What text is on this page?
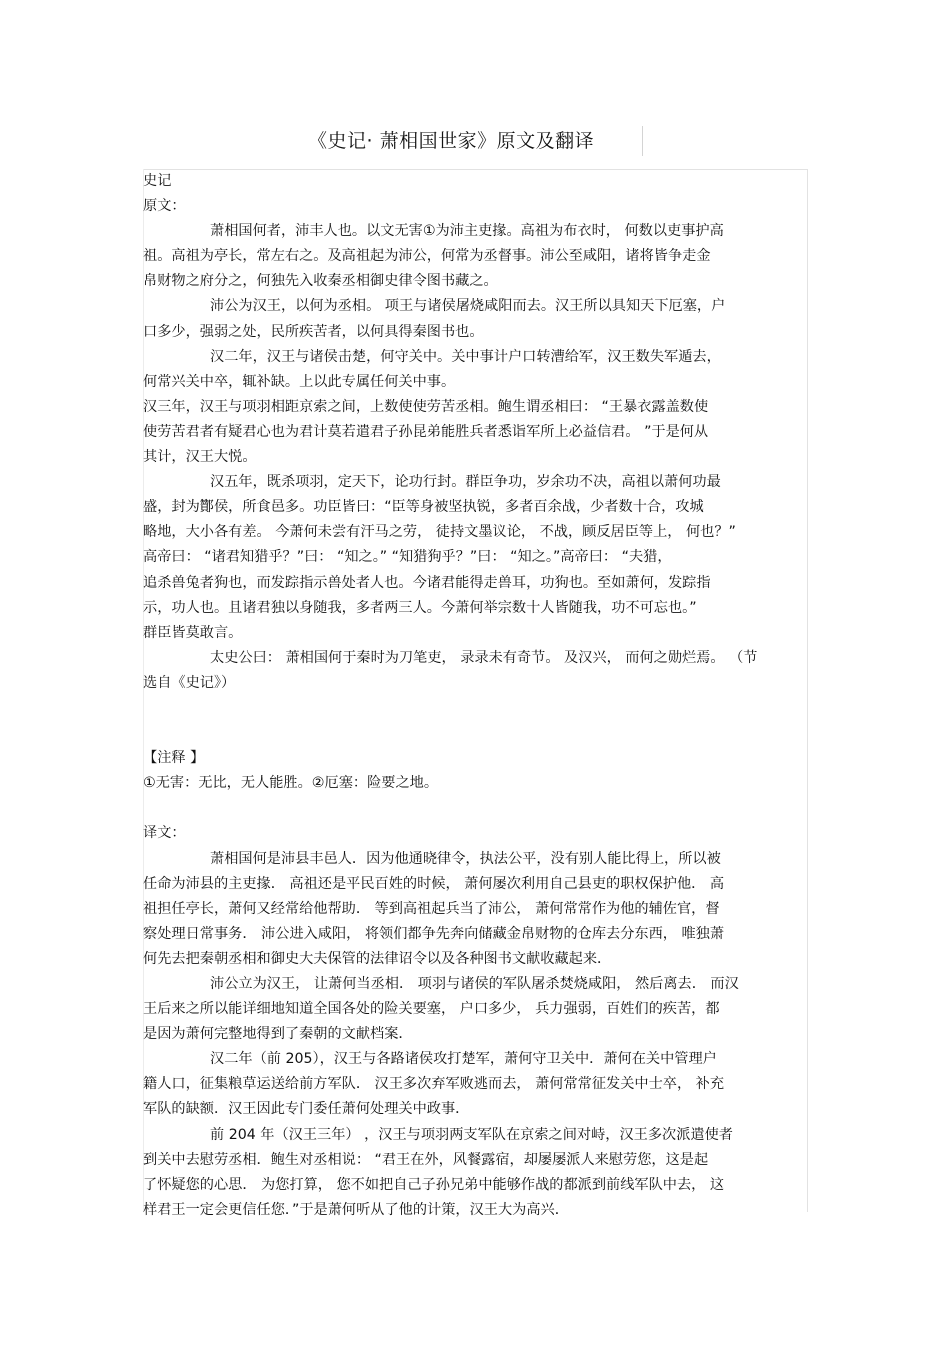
《史记· 萧相国世家》原文及翻译
史记
原文：
萧相国何者，沛丰人也。以文无害①为沛主吏掾。高祖为布衣时， 何数以吏事护高
祖。高祖为亭长，常左右之。及高祖起为沛公，何常为丞督事。沛公至咸阳，诸将皆争走金
帛财物之府分之，何独先入收秦丞相御史律令图书藏之。
沛公为汉王，以何为丞相。 项王与诸侯屠烧咸阳而去。汉王所以具知天下厄塞，户
口多少，强弱之处，民所疾苦者，以何具得秦图书也。
汉二年，汉王与诸侯击楚，何守关中。关中事计户口转漕给军，汉王数失军遁去，
何常兴关中卒，辄补缺。上以此专属任何关中事。
汉三年，汉王与项羽相距京索之间，上数使使劳苦丞相。鲍生谓丞相曰： “王暴衣露盖数使
使劳苦君者有疑君心也为君计莫若遣君子孙昆弟能胜兵者悉诣军所上必益信君。 ”于是何从
其计，汉王大悦。
汉五年，既杀项羽，定天下，论功行封。群臣争功，岁余功不决，高祖以萧何功最
盛，封为酇侯，所食邑多。功臣皆曰：“臣等身被坚执锐，多者百余战，少者数十合，攻城
略地，大小各有差。 今萧何未尝有汗马之劳， 徒持文墨议论， 不战，顾反居臣等上， 何也？”
高帝曰： “诸君知猎乎？”曰： “知之。” “知猎狗乎？”曰： “知之。”高帝曰： “夫猎，
追杀兽兔者狗也，而发踪指示兽处者人也。今诸君能得走兽耳，功狗也。至如萧何，发踪指
示，功人也。且诸君独以身随我，多者两三人。今萧何举宗数十人皆随我，功不可忘也。”
群臣皆莫敢言。
太史公曰： 萧相国何于秦时为刀笔吏， 录录未有奇节。 及汉兴， 而何之勋烂焉。 （节
选自《史记》）
【注释 】
①无害：无比，无人能胜。②厄塞：险要之地。
译文：
萧相国何是沛县丰邑人．因为他通晓律令，执法公平，没有别人能比得上，所以被
任命为沛县的主吏掾． 高祖还是平民百姓的时候， 萧何屡次利用自己县吏的职权保护他． 高
祖担任亭长，萧何又经常给他帮助． 等到高祖起兵当了沛公， 萧何常常作为他的辅佐官，督
察处理日常事务． 沛公进入咸阳， 将领们都争先奔向储藏金帛财物的仓库去分东西， 唯独萧
何先去把秦朝丞相和御史大夫保管的法律诏令以及各种图书文献收藏起来．
沛公立为汉王， 让萧何当丞相． 项羽与诸侯的军队屠杀焚烧咸阳， 然后离去． 而汉
王后来之所以能详细地知道全国各处的险关要塞， 户口多少， 兵力强弱，百姓们的疾苦，都
是因为萧何完整地得到了秦朝的文献档案．
汉二年（前 205），汉王与各路诸侯攻打楚军，萧何守卫关中．萧何在关中管理户
籍人口，征集粮草运送给前方军队． 汉王多次弃军败逃而去， 萧何常常征发关中士卒， 补充
军队的缺额．汉王因此专门委任萧何处理关中政事．
前 204 年（汉王三年） ，汉王与项羽两支军队在京索之间对峙，汉王多次派遣使者
到关中去慰劳丞相．鲍生对丞相说： “君王在外，风餐露宿，却屡屡派人来慰劳您，这是起
了怀疑您的心思． 为您打算， 您不如把自己子孙兄弟中能够作战的都派到前线军队中去， 这
样君王一定会更信任您．”于是萧何听从了他的计策，汉王大为高兴．
